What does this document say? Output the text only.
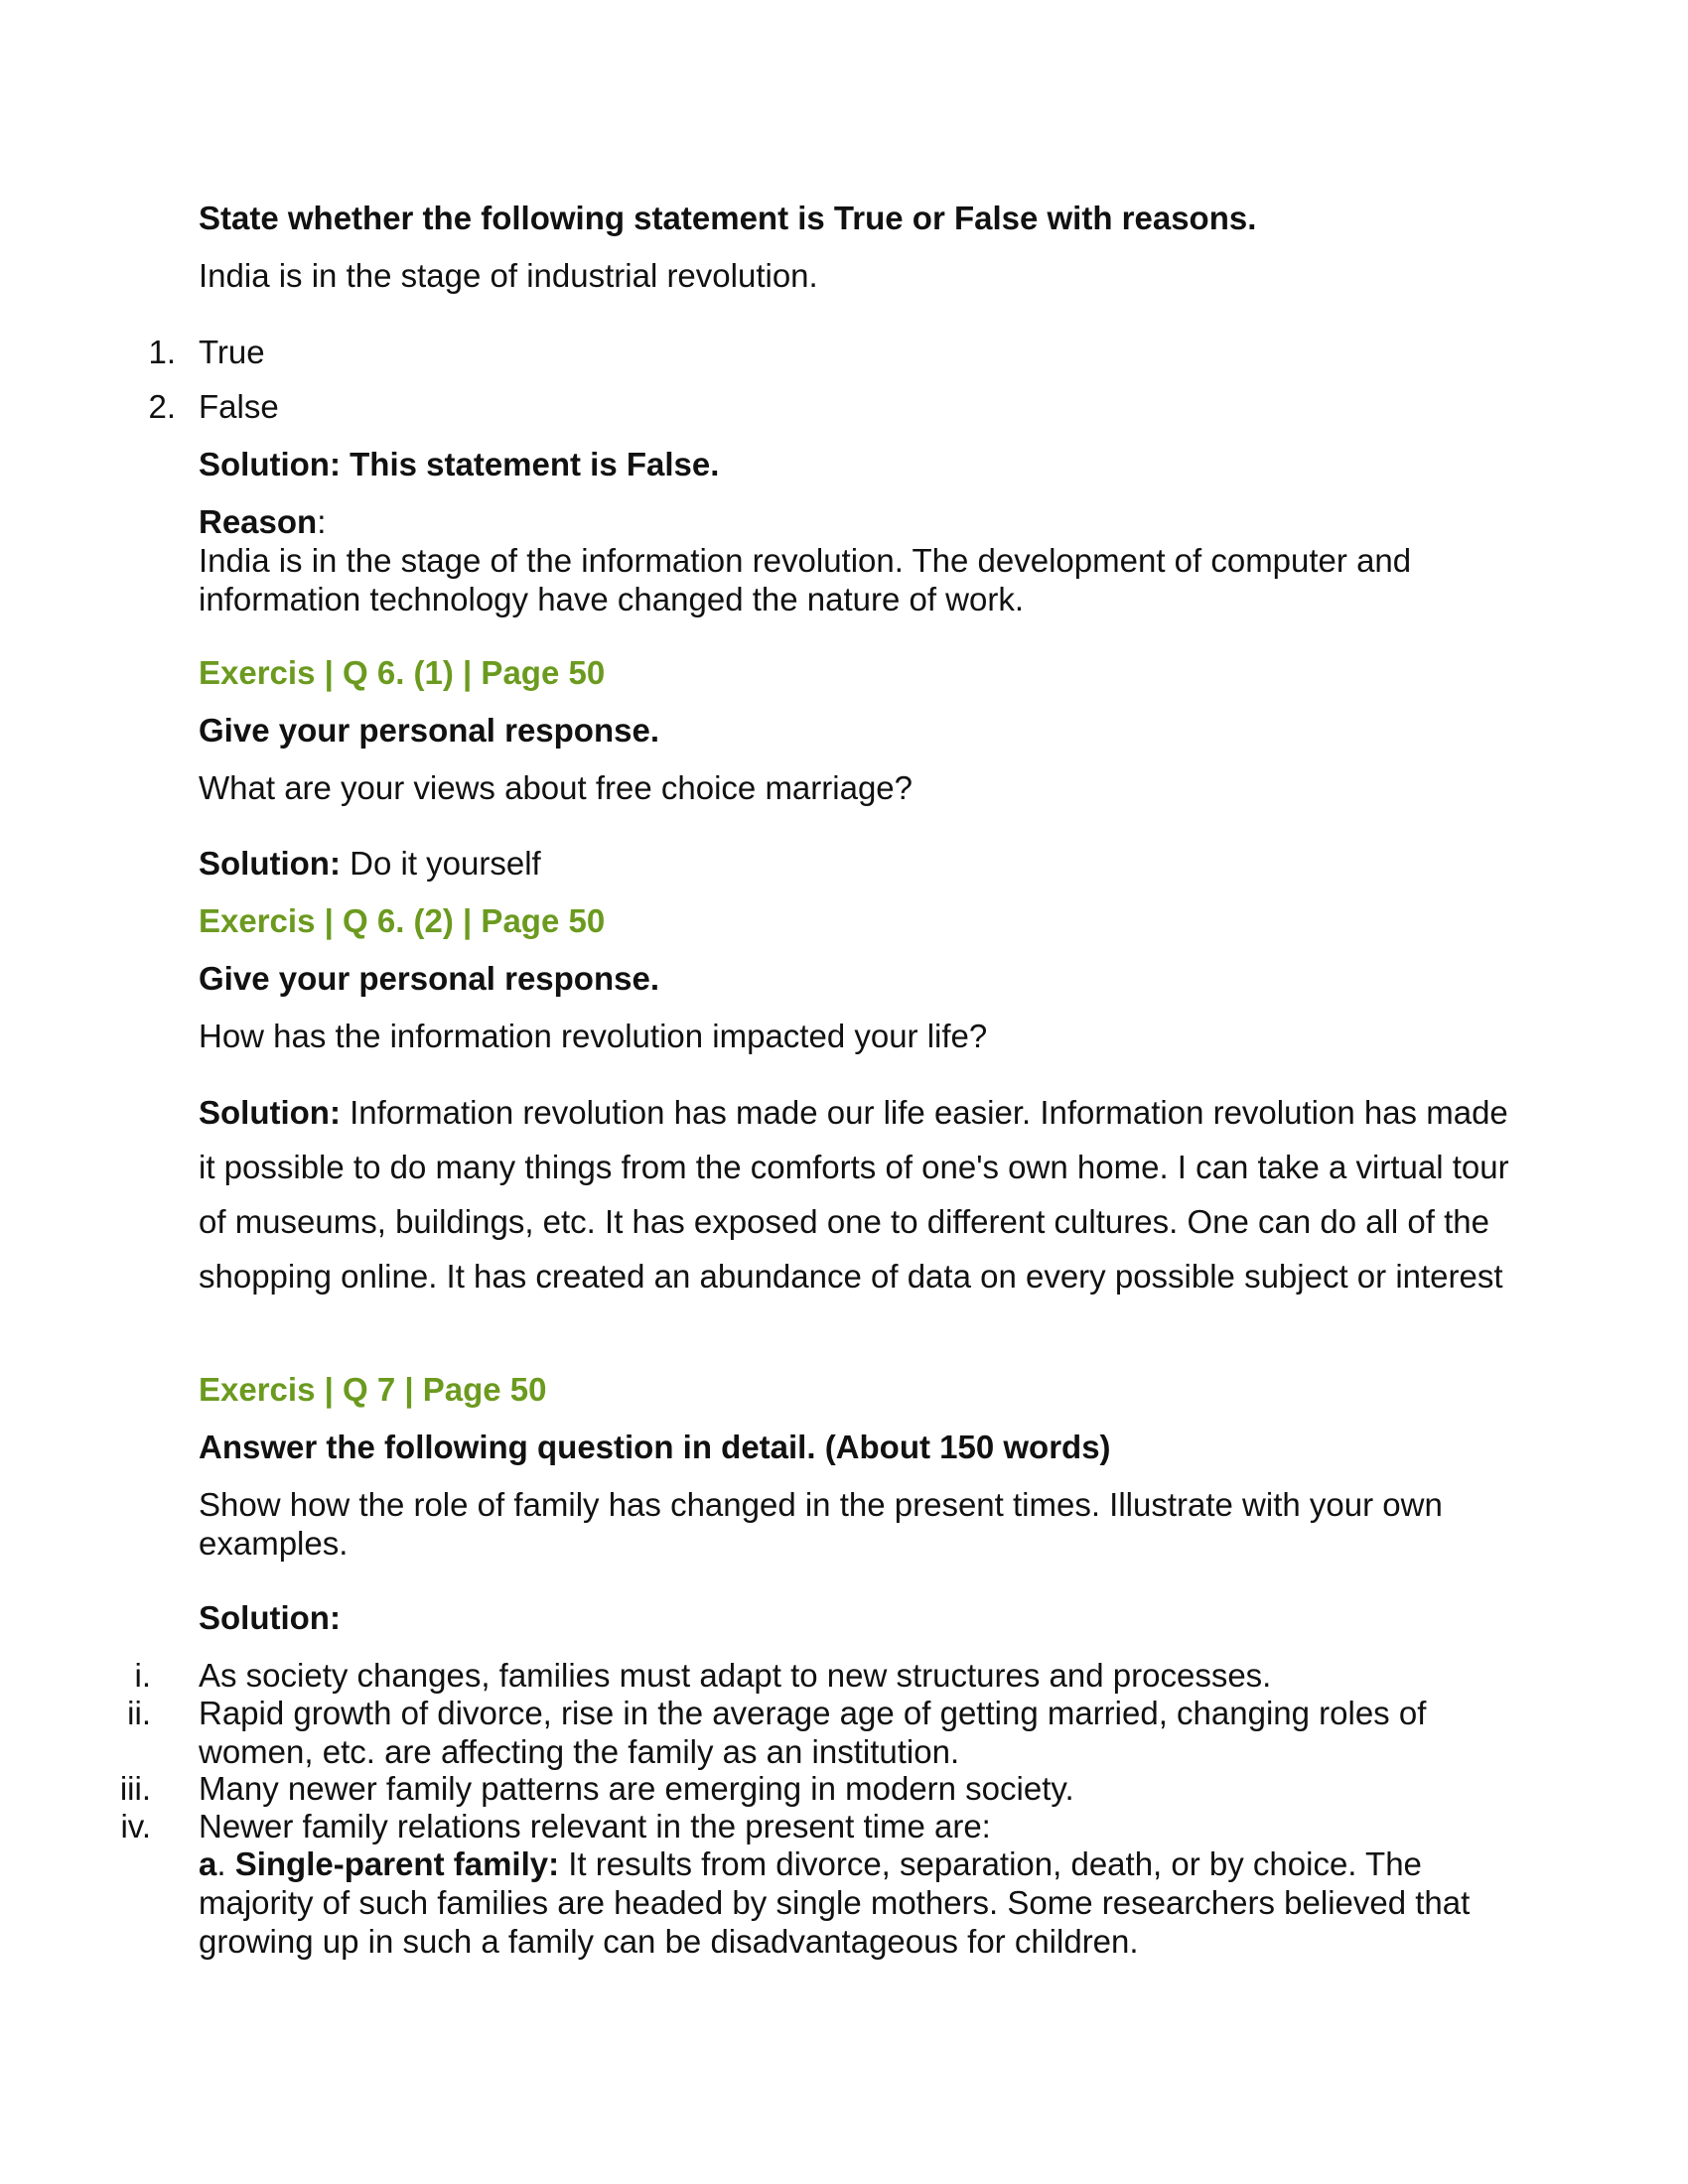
State whether the following statement is True or False with reasons.

India is in the stage of industrial revolution.

1. True

2. False

Solution: This statement is False.

Reason:

India is in the stage of the information revolution. The development of computer and information technology have changed the nature of work.

Exercis | Q 6. (1) | Page 50

Give your personal response.

What are your views about free choice marriage?

Solution: Do it yourself

Exercis | Q 6. (2) | Page 50

Give your personal response.

How has the information revolution impacted your life?

Solution: Information revolution has made our life easier. Information revolution has made it possible to do many things from the comforts of one's own home. I can take a virtual tour of museums, buildings, etc. It has exposed one to different cultures. One can do all of the shopping online. It has created an abundance of data on every possible subject or interest

Exercis | Q 7 | Page 50

Answer the following question in detail. (About 150 words)

Show how the role of family has changed in the present times. Illustrate with your own examples.

Solution:

i. As society changes, families must adapt to new structures and processes.

ii. Rapid growth of divorce, rise in the average age of getting married, changing roles of women, etc. are affecting the family as an institution.

iii. Many newer family patterns are emerging in modern society.

iv. Newer family relations relevant in the present time are:

a. Single-parent family: It results from divorce, separation, death, or by choice. The majority of such families are headed by single mothers. Some researchers believed that growing up in such a family can be disadvantageous for children.
